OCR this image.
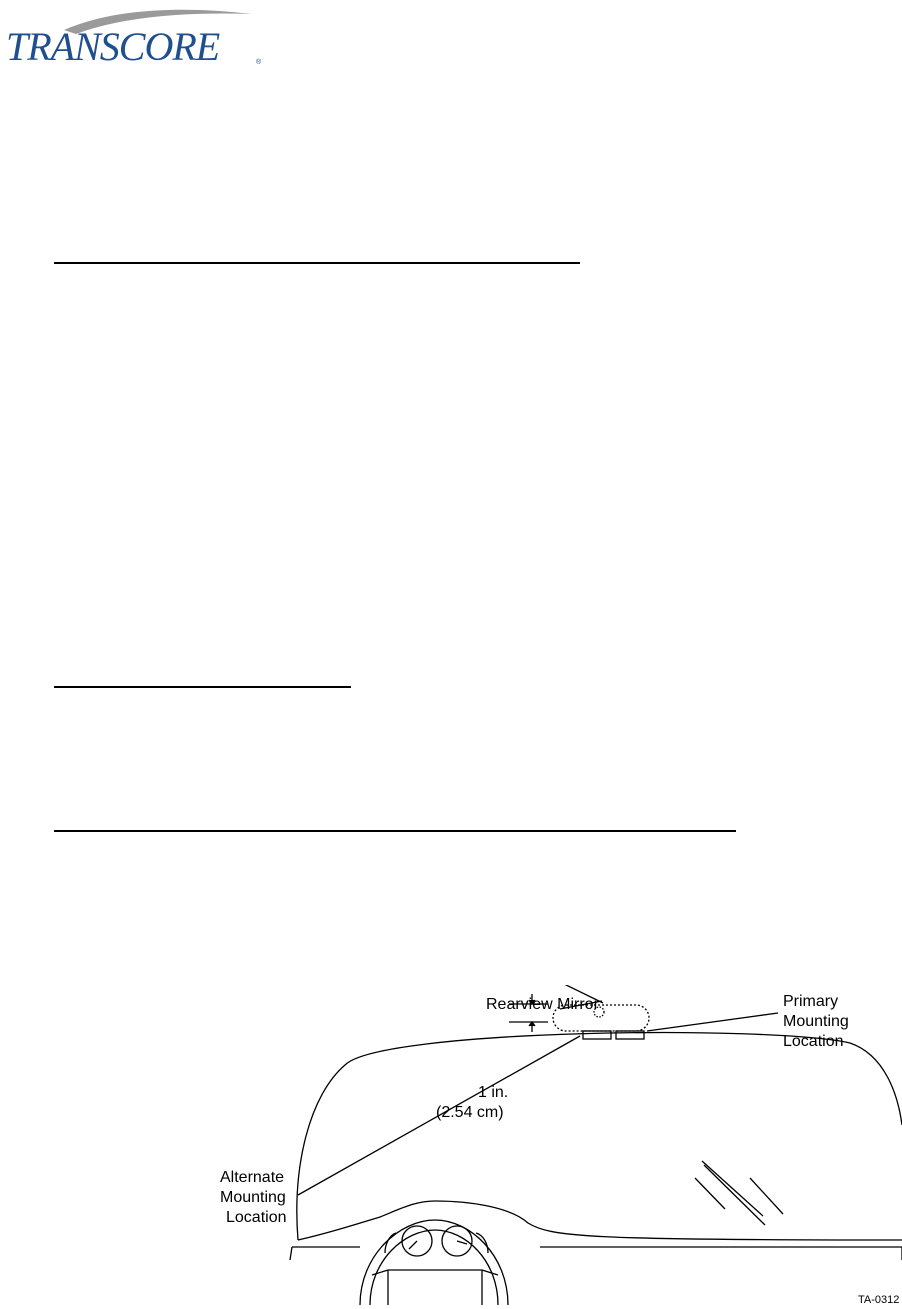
TRANSCORE	®
Rearview Mirror	Primary
Mounting
Location
Alternate
Mounting
Location
1 in.
(2.54 cm)
TA-0312
